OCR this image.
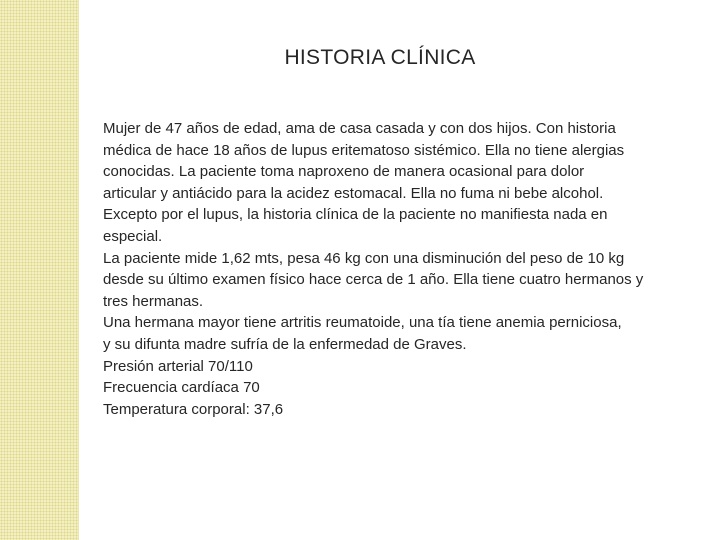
HISTORIA CLÍNICA
Mujer de 47 años de edad, ama de casa casada y con dos hijos. Con historia
médica de hace 18 años de lupus eritematoso sistémico. Ella no tiene alergias
conocidas. La paciente toma naproxeno de manera ocasional para dolor
articular y antiácido para la acidez estomacal. Ella no fuma ni bebe alcohol.
Excepto por el lupus, la historia clínica de la paciente no manifiesta nada en
especial.
La paciente mide 1,62 mts, pesa 46 kg con una disminución del peso de 10 kg
desde su último examen físico hace cerca de 1 año. Ella tiene cuatro hermanos y
tres hermanas.
Una hermana mayor tiene artritis reumatoide, una tía tiene anemia perniciosa,
y su difunta madre sufría de la enfermedad de Graves.
Presión arterial 70/110
Frecuencia cardíaca 70
Temperatura corporal: 37,6
